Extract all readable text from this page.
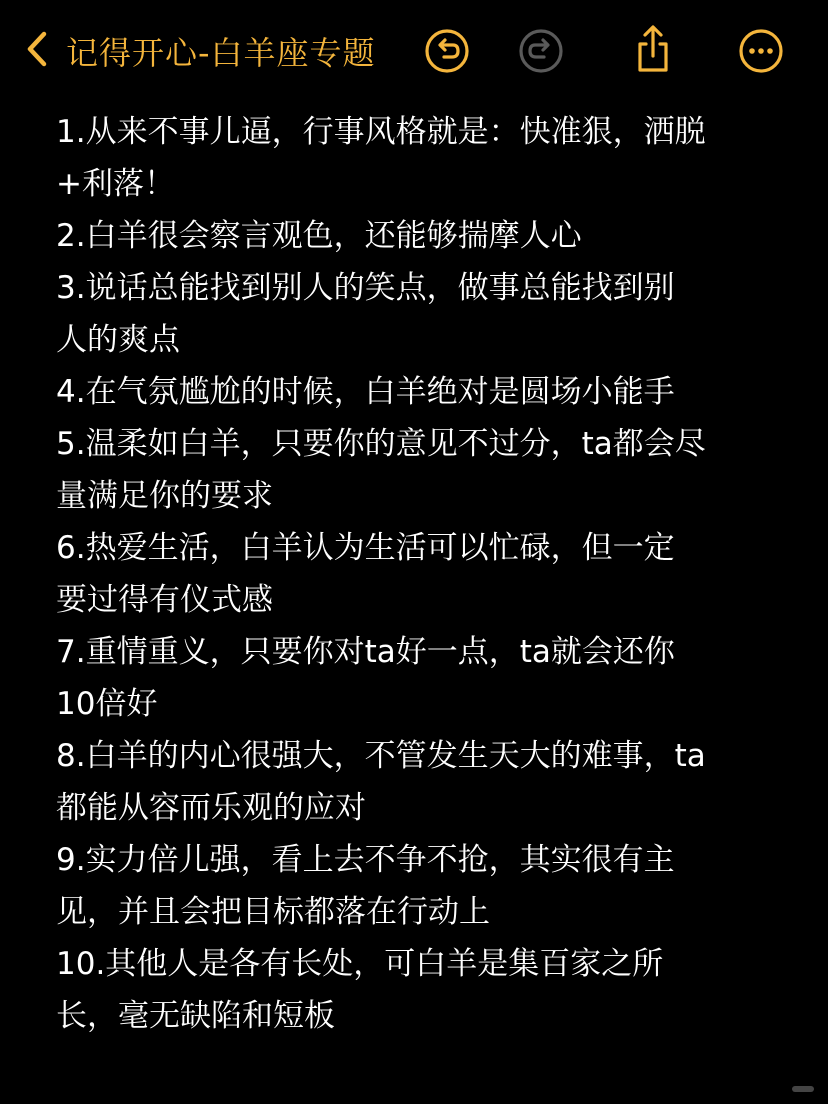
记得开心-白羊座专题
1.从来不事儿逼，行事风格就是：快准狠，洒脱
+利落！
2.白羊很会察言观色，还能够揣摩人心
3.说话总能找到别人的笑点，做事总能找到别
人的爽点
4.在气氛尴尬的时候，白羊绝对是圆场小能手
5.温柔如白羊，只要你的意见不过分，ta都会尽
量满足你的要求
6.热爱生活，白羊认为生活可以忙碌，但一定
要过得有仪式感
7.重情重义，只要你对ta好一点，ta就会还你
10倍好
8.白羊的内心很强大，不管发生天大的难事，ta
都能从容而乐观的应对
9.实力倍儿强，看上去不争不抢，其实很有主
见，并且会把目标都落在行动上
10.其他人是各有长处，可白羊是集百家之所
长，毫无缺陷和短板
